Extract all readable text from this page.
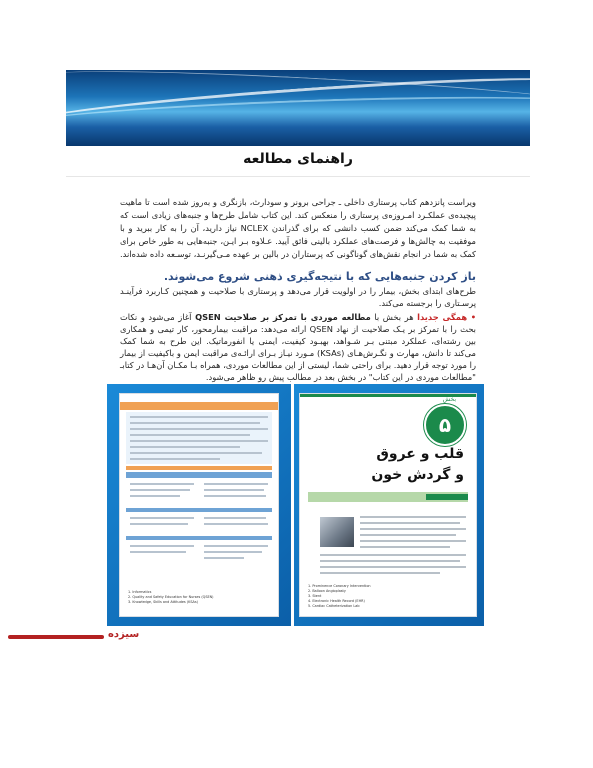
راهنمای مطالعه

ویراست پانزدهم کتاب پرستاری داخلی ـ جراحی برونر و سودارث، بازنگری و به‌روز شده است تا ماهیت پیچیده‌ی عملکـرد امـروزه‌ی پرستاری را منعکس کند. این کتاب شامل طرح‌ها و جنبه‌های زیادی است که به شما کمک می‌کند ضمن کسب دانشی که برای گذراندن NCLEX نیاز دارید، آن را به کار ببرید و با موفقیت به چالش‌ها و فرصت‌های عملکرد بالینی فائق آیید. عـلاوه بـر ایـن، جنبه‌هایی به طور خاص برای کمک به شما در انجام نقش‌های گوناگونی که پرستاران در بالین بر عهده مـی‌گیرنـد، توسـعه داده شده‌اند.

باز کردن جنبه‌هایی که با نتیجه‌گیری ذهنی شروع می‌شوند.

طرح‌های ابتدای بخش، بیمار را در اولویت قرار می‌دهد و پرستاری با صلاحیت و همچنین کـاربرد فرآینـد پرسـتاری را برجسته می‌کند.

• همگی جدیدا هر بخش با مطالعه موردی با تمرکز بر صلاحیت QSEN آغاز می‌شود و نکات بحث را با تمرکز بر یـک صلاحیت از نهاد QSEN ارائه می‌دهد: مراقبت بیمارمحور، کار تیمی و همکاری بین رشته‌ای، عملکرد مبتنی بـر شـواهد، بهبـود کیفیت، ایمنی یا انفورماتیک. این طرح به شما کمک می‌کند تا دانش، مهارت و نگـرش‌هـای (KSAs) مـورد نیـاز بـرای ارائـه‌ی مراقبت ایمن و باکیفیت از بیمار را مورد توجه قرار دهید. برای راحتی شما، لیستی از این مطالعات موردی، همراه بـا مکـان آن‌هـا در کتابـ "مطالعات موردی در این کتاب" در بخش بعد در مطالب پیش رو ظاهر می‌شود.

1. Informatics
2. Quality and Safety Education for Nurses (QSEN)
3. Knowledge, Skills and Attitudes (KSAs)
بخش
۵
قلب و عروق
و گردش خون
1. Prominence Coronary Intervention
2. Balloon Angioplasty
3. Stent
4. Electronic Health Record (EHR)
5. Cardiac Catheterization Lab
سیزده
